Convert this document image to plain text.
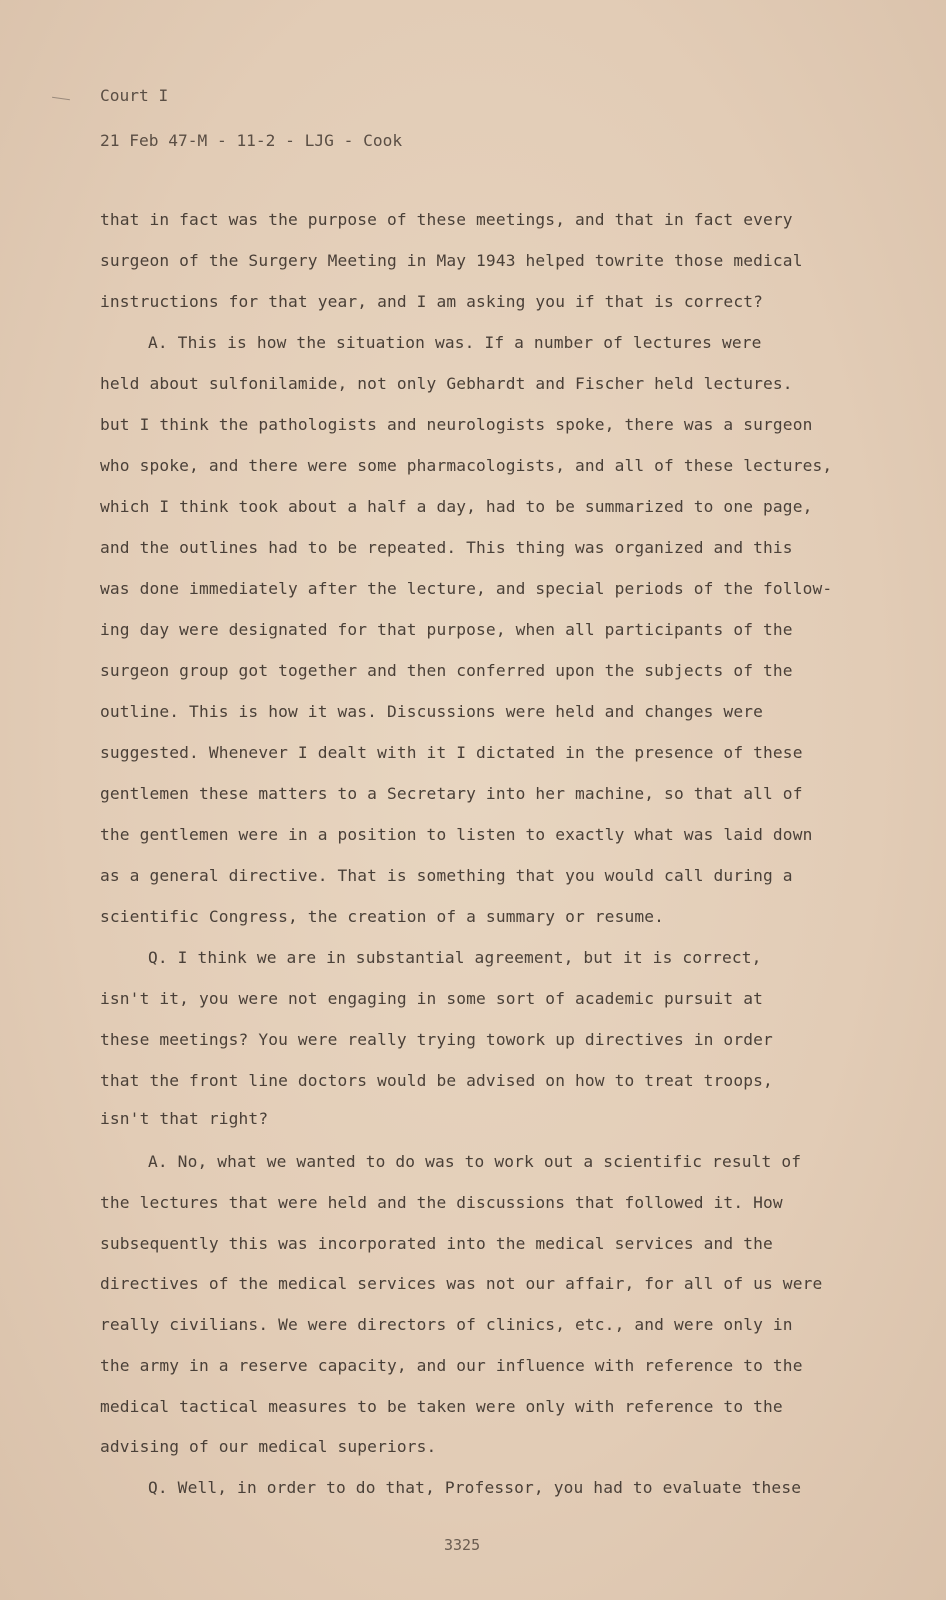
Court I
21 Feb 47-M - 11-2 - LJG - Cook
that in fact was the purpose of these meetings, and that in fact every
surgeon of the Surgery Meeting in May 1943 helped towrite those medical
instructions for that year, and I am asking you if that is correct?
A. This is how the situation was. If a number of lectures were
held about sulfonilamide, not only Gebhardt and Fischer held lectures.
but I think the pathologists and neurologists spoke, there was a surgeon
who spoke, and there were some pharmacologists, and all of these lectures,
which I think took about a half a day, had to be summarized to one page,
and the outlines had to be repeated. This thing was organized and this
was done immediately after the lecture, and special periods of the follow-
ing day were designated for that purpose, when all participants of the
surgeon group got together and then conferred upon the subjects of the
outline. This is how it was. Discussions were held and changes were
suggested. Whenever I dealt with it I dictated in the presence of these
gentlemen these matters to a Secretary into her machine, so that all of
the gentlemen were in a position to listen to exactly what was laid down
as a general directive. That is something that you would call during a
scientific Congress, the creation of a summary or resume.
Q. I think we are in substantial agreement, but it is correct,
isn't it, you were not engaging in some sort of academic pursuit at
these meetings? You were really trying towork up directives in order
that the front line doctors would be advised on how to treat troops,
isn't that right?
A. No, what we wanted to do was to work out a scientific result of
the lectures that were held and the discussions that followed it. How
subsequently this was incorporated into the medical services and the
directives of the medical services was not our affair, for all of us were
really civilians. We were directors of clinics, etc., and were only in
the army in a reserve capacity, and our influence with reference to the
medical tactical measures to be taken were only with reference to the
advising of our medical superiors.
Q. Well, in order to do that, Professor, you had to evaluate these
3325
